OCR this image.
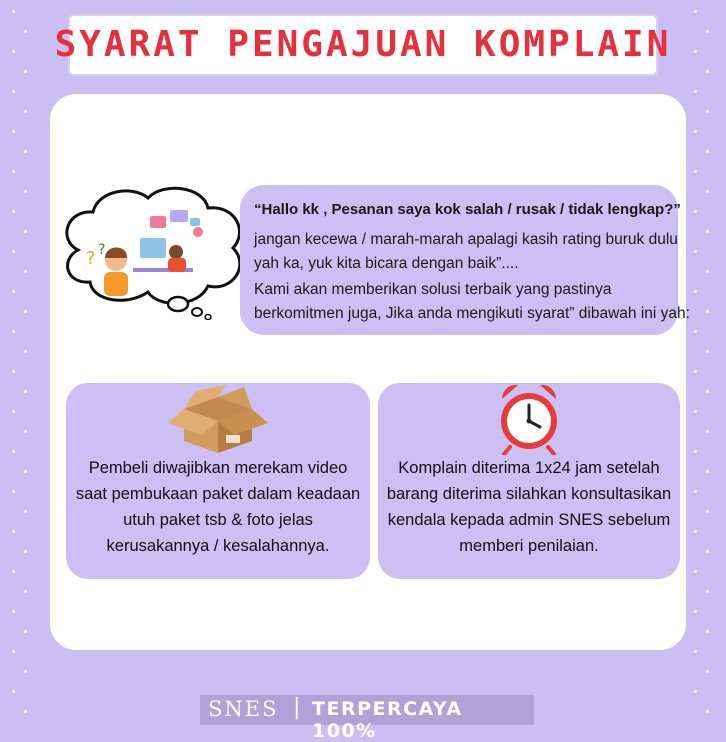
SYARAT PENGAJUAN KOMPLAIN
? ?
“Hallo kk , Pesanan saya kok salah / rusak / tidak lengkap?”
jangan kecewa / marah-marah apalagi kasih rating buruk dulu
yah ka, yuk kita bicara dengan baik”....
Kami akan memberikan solusi terbaik yang pastinya
berkomitmen juga, Jika anda mengikuti syarat” dibawah ini yah:
Pembeli diwajibkan merekam video
saat pembukaan paket dalam keadaan
utuh paket tsb & foto jelas
kerusakannya / kesalahannya.
Komplain diterima 1x24 jam setelah
barang diterima silahkan konsultasikan
kendala kepada admin SNES sebelum
memberi penilaian.
SNES | TERPERCAYA 100%
